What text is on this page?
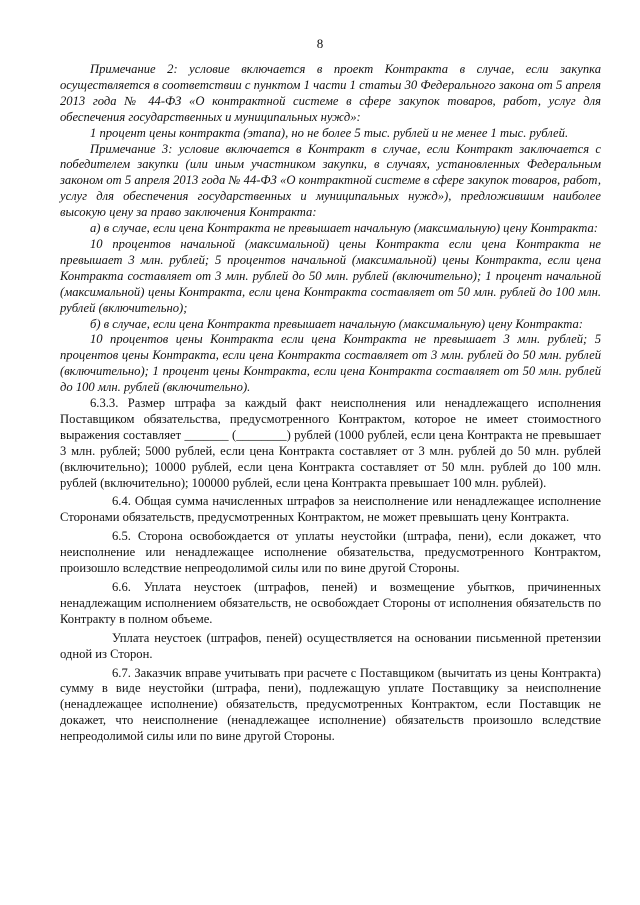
8

Примечание 2: условие включается в проект Контракта в случае, если закупка осуществляется в соответствии с пунктом 1 части 1 статьи 30 Федерального закона от 5 апреля 2013 года № 44-ФЗ «О контрактной системе в сфере закупок товаров, работ, услуг для обеспечения государственных и муниципальных нужд»:

1 процент цены контракта (этапа), но не более 5 тыс. рублей и не менее 1 тыс. рублей.

Примечание 3: условие включается в Контракт в случае, если Контракт заключается с победителем закупки (или иным участником закупки, в случаях, установленных Федеральным законом от 5 апреля 2013 года № 44-ФЗ «О контрактной системе в сфере закупок товаров, работ, услуг для обеспечения государственных и муниципальных нужд»), предложившим наиболее высокую цену за право заключения Контракта:

а) в случае, если цена Контракта не превышает начальную (максимальную) цену Контракта:

10 процентов начальной (максимальной) цены Контракта если цена Контракта не превышает 3 млн. рублей; 5 процентов начальной (максимальной) цены Контракта, если цена Контракта составляет от 3 млн. рублей до 50 млн. рублей (включительно); 1 процент начальной (максимальной) цены Контракта, если цена Контракта составляет от 50 млн. рублей до 100 млн. рублей (включительно);

б) в случае, если цена Контракта превышает начальную (максимальную) цену Контракта:

10 процентов цены Контракта если цена Контракта не превышает 3 млн. рублей; 5 процентов цены Контракта, если цена Контракта составляет от 3 млн. рублей до 50 млн. рублей (включительно); 1 процент цены Контракта, если цена Контракта составляет от 50 млн. рублей до 100 млн. рублей (включительно).

6.3.3. Размер штрафа за каждый факт неисполнения или ненадлежащего исполнения Поставщиком обязательства, предусмотренного Контрактом, которое не имеет стоимостного выражения составляет _______ (________) рублей (1000 рублей, если цена Контракта не превышает 3 млн. рублей; 5000 рублей, если цена Контракта составляет от 3 млн. рублей до 50 млн. рублей (включительно); 10000 рублей, если цена Контракта составляет от 50 млн. рублей до 100 млн. рублей (включительно); 100000 рублей, если цена Контракта превышает 100 млн. рублей).

6.4. Общая сумма начисленных штрафов за неисполнение или ненадлежащее исполнение Сторонами обязательств, предусмотренных Контрактом, не может превышать цену Контракта.

6.5. Сторона освобождается от уплаты неустойки (штрафа, пени), если докажет, что неисполнение или ненадлежащее исполнение обязательства, предусмотренного Контрактом, произошло вследствие непреодолимой силы или по вине другой Стороны.

6.6. Уплата неустоек (штрафов, пеней) и возмещение убытков, причиненных ненадлежащим исполнением обязательств, не освобождает Стороны от исполнения обязательств по Контракту в полном объеме.

Уплата неустоек (штрафов, пеней) осуществляется на основании письменной претензии одной из Сторон.

6.7. Заказчик вправе учитывать при расчете с Поставщиком (вычитать из цены Контракта) сумму в виде неустойки (штрафа, пени), подлежащую уплате Поставщику за неисполнение (ненадлежащее исполнение) обязательств, предусмотренных Контрактом, если Поставщик не докажет, что неисполнение (ненадлежащее исполнение) обязательств произошло вследствие непреодолимой силы или по вине другой Стороны.
